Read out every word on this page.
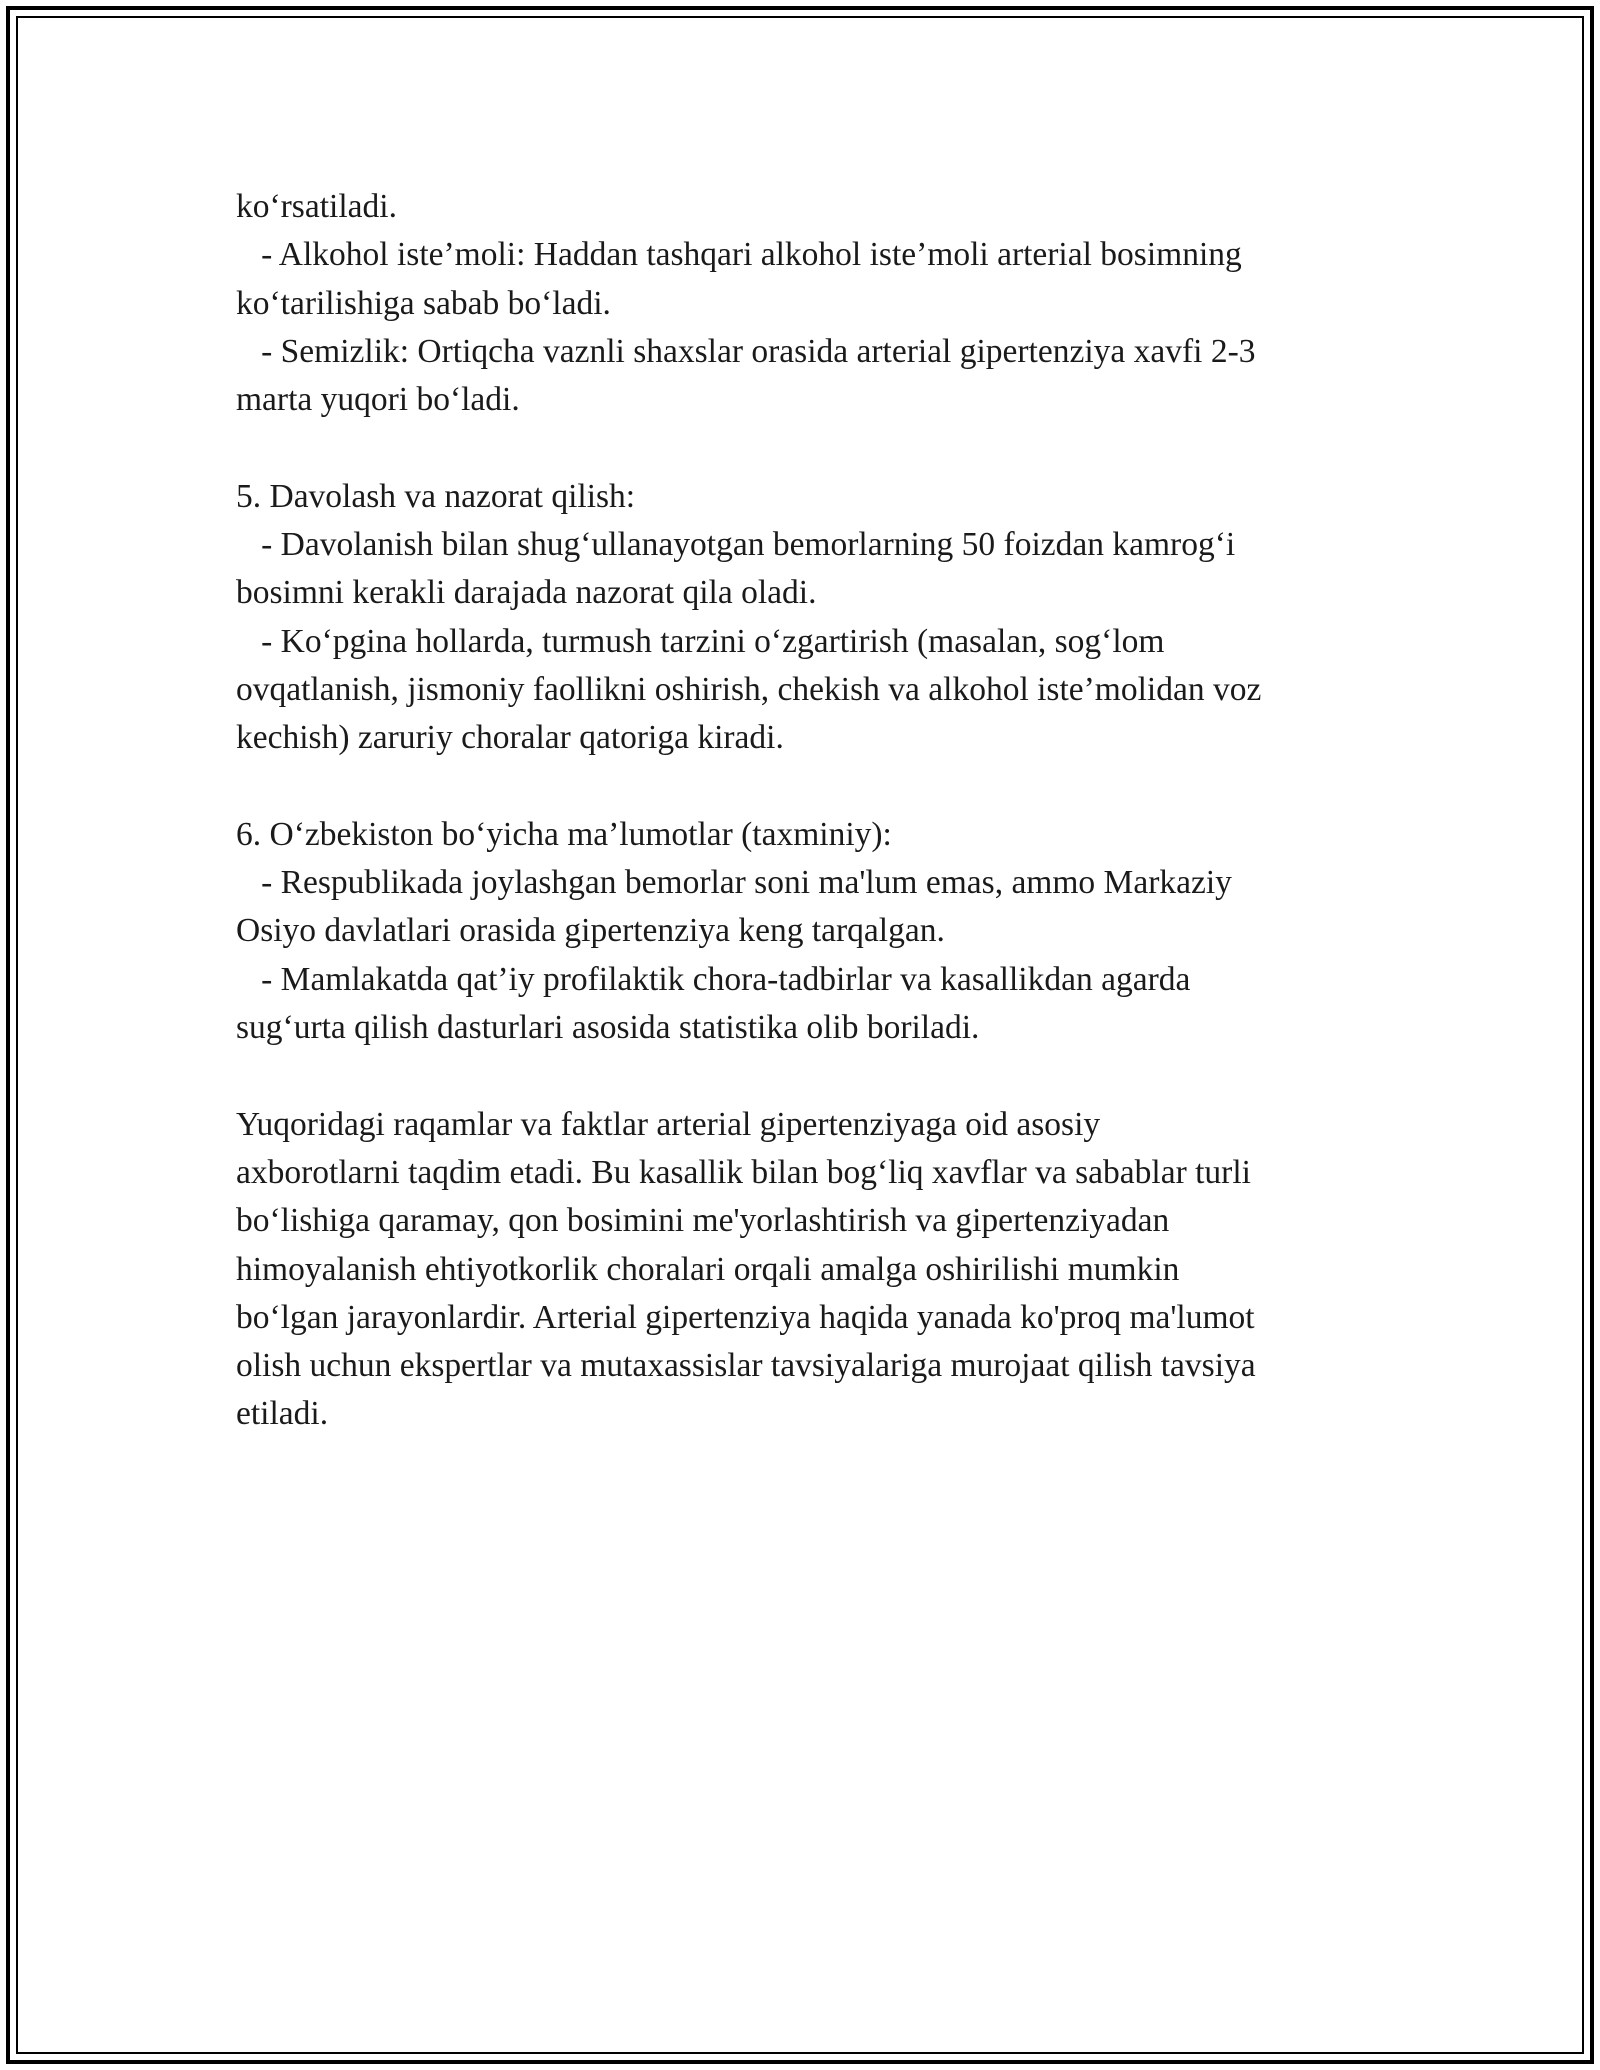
ko‘rsatiladi.
- Alkohol iste’moli: Haddan tashqari alkohol iste’moli arterial bosimning
ko‘tarilishiga sabab bo‘ladi.
- Semizlik: Ortiqcha vaznli shaxslar orasida arterial gipertenziya xavfi 2-3
marta yuqori bo‘ladi.
5. Davolash va nazorat qilish:
- Davolanish bilan shug‘ullanayotgan bemorlarning 50 foizdan kamrog‘i
bosimni kerakli darajada nazorat qila oladi.
- Ko‘pgina hollarda, turmush tarzini o‘zgartirish (masalan, sog‘lom
ovqatlanish, jismoniy faollikni oshirish, chekish va alkohol iste’molidan voz
kechish) zaruriy choralar qatoriga kiradi.
6. O‘zbekiston bo‘yicha ma’lumotlar (taxminiy):
- Respublikada joylashgan bemorlar soni ma'lum emas, ammo Markaziy
Osiyo davlatlari orasida gipertenziya keng tarqalgan.
- Mamlakatda qat’iy profilaktik chora-tadbirlar va kasallikdan agarda
sug‘urta qilish dasturlari asosida statistika olib boriladi.
Yuqoridagi raqamlar va faktlar arterial gipertenziyaga oid asosiy
axborotlarni taqdim etadi. Bu kasallik bilan bog‘liq xavflar va sabablar turli
bo‘lishiga qaramay, qon bosimini me'yorlashtirish va gipertenziyadan
himoyalanish ehtiyotkorlik choralari orqali amalga oshirilishi mumkin
bo‘lgan jarayonlardir. Arterial gipertenziya haqida yanada ko'proq ma'lumot
olish uchun ekspertlar va mutaxassislar tavsiyalariga murojaat qilish tavsiya
etiladi.
